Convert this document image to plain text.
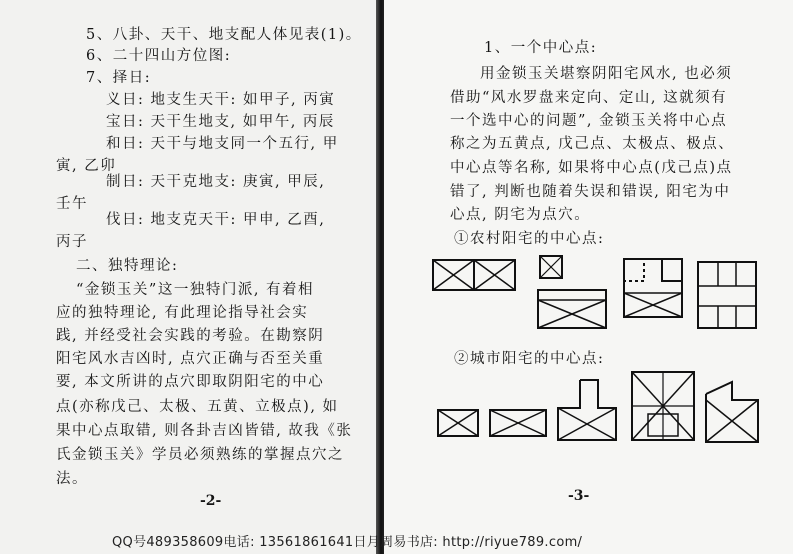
5、八卦、天干、地支配人体见表(1)。
6、二十四山方位图:
7、择日:
义日: 地支生天干: 如甲子, 丙寅
宝日: 天干生地支, 如甲午, 丙辰
和日: 天干与地支同一个五行, 甲
寅, 乙卯
制日: 天干克地支: 庚寅, 甲辰,
壬午
伐日: 地支克天干: 甲申, 乙酉,
丙子
二、独特理论:
“金锁玉关”这一独特门派, 有着相
应的独特理论, 有此理论指导社会实
践, 并经受社会实践的考验。在勘察阴
阳宅风水吉凶时, 点穴正确与否至关重
要, 本文所讲的点穴即取阴阳宅的中心
点(亦称戊己、太极、五黄、立极点), 如
果中心点取错, 则各卦吉凶皆错, 故我《张
氏金锁玉关》学员必须熟练的掌握点穴之
法。
-2-
1、一个中心点:
用金锁玉关堪察阴阳宅风水, 也必须
借助“风水罗盘来定向、定山, 这就须有
一个选中心的问题”, 金锁玉关将中心点
称之为五黄点, 戊己点、太极点、极点、
中心点等名称, 如果将中心点(戊己点)点
错了, 判断也随着失误和错误, 阳宅为中
心点, 阴宅为点穴。
①农村阳宅的中心点:
②城市阳宅的中心点:
-3-
QQ号489358609电话: 13561861641日月周易书店: http://riyue789.com/
